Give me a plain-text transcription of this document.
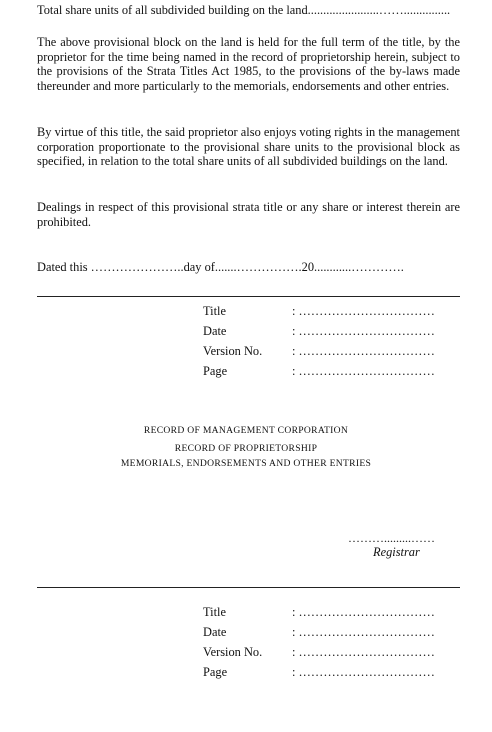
Total share units of all subdivided building on the land.......................……...............

The above provisional block on the land is held for the full term of the title, by the proprietor for the time being named in the record of proprietorship herein, subject to the provisions of the Strata Titles Act 1985, to the provisions of the by-laws made thereunder and more particularly to the memorials, endorsements and other entries.

By virtue of this title, the said proprietor also enjoys voting rights in the management corporation proportionate to the provisional share units to the provisional block as specified, in relation to the total share units of all subdivided buildings on the land.

Dealings in respect of this provisional strata title or any share or interest therein are prohibited.

Dated this …………………..day of.......…………….20............………….

Title	: ……………………………
Date	: ……………………………
Version No. : ……………………………
Page	: ……………………………
RECORD OF MANAGEMENT CORPORATION
RECORD OF PROPRIETORSHIP
MEMORIALS, ENDORSEMENTS AND OTHER ENTRIES
……….........……
Registrar
Title	: ……………………………
Date	: ……………………………
Version No. : ……………………………
Page	: ……………………………
